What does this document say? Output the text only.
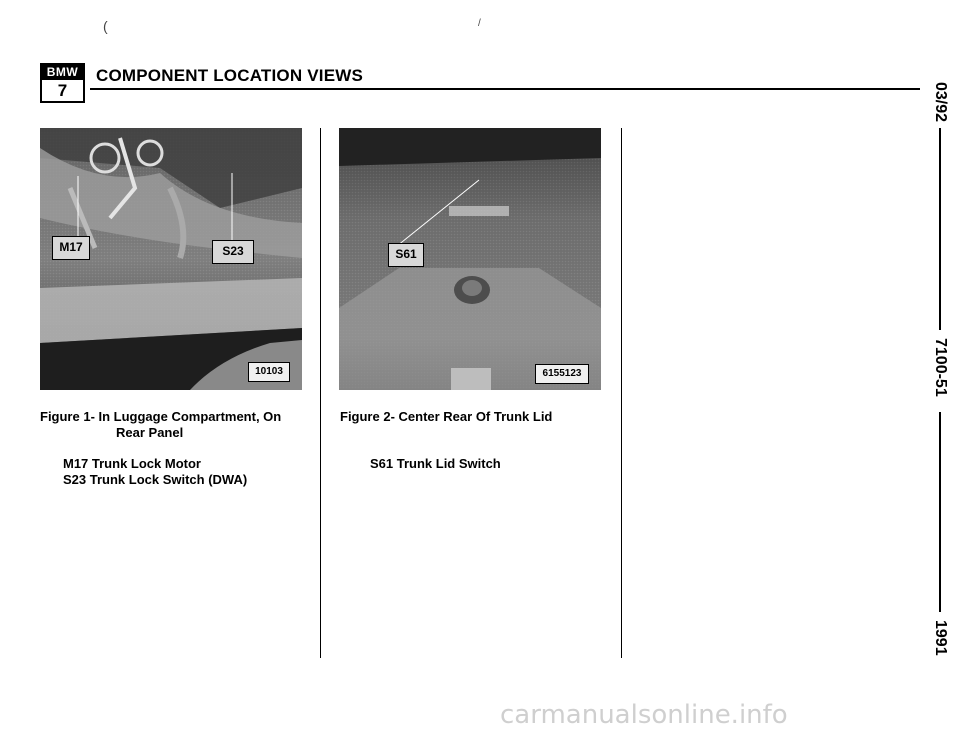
(	/
BMW
7
COMPONENT LOCATION VIEWS
M17	S23
10103
S61
6155123
Figure 1- In Luggage Compartment, On
Rear Panel
M17 Trunk Lock Motor
S23 Trunk Lock Switch (DWA)
Figure 2- Center Rear Of Trunk Lid
S61 Trunk Lid Switch
03/92
7100-51
1991
carmanualsonline.info
